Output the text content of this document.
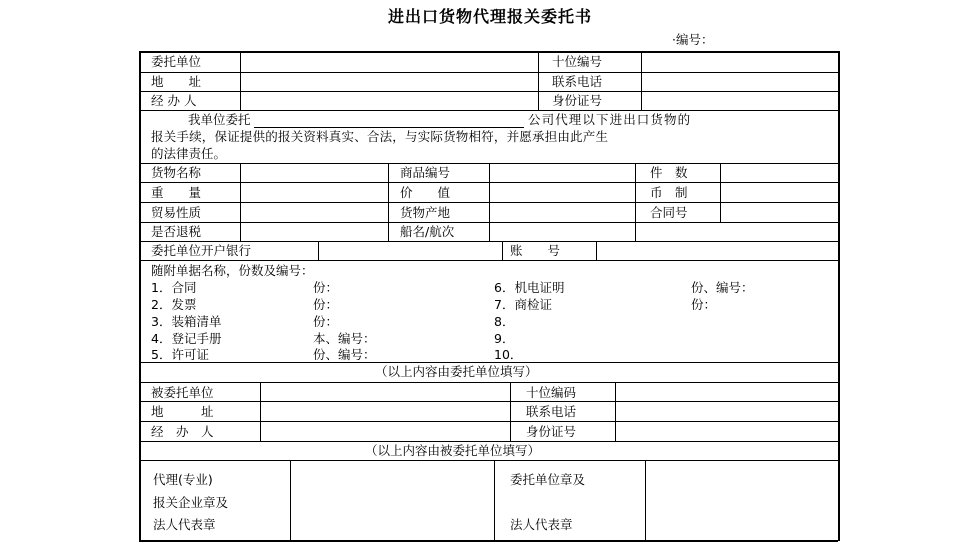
进出口货物代理报关委托书
·编号：
委托单位	十位编号
地　　址	联系电话
经 办 人	身份证号
我单位委托	公司代理以下进出口货物的
报关手续，保证提供的报关资料真实、合法，与实际货物相符，并愿承担由此产生
的法律责任。
货物名称	商品编号	件　数
重　　量	价　　值	币　制
贸易性质	货物产地	合同号
是否退税	船名/航次
委托单位开户银行	账　　号
随附单据名称，份数及编号：
1．合同	份：
2．发票	份：
3．装箱清单	份：
4．登记手册	本、编号：
5．许可证	份、编号：
6．机电证明	份、编号：
7．商检证	份：
8．
9．
10．
（以上内容由委托单位填写）
被委托单位	十位编码
地　　　址	联系电话
经　办　人	身份证号
（以上内容由被委托单位填写）
代理(专业)
报关企业章及
法人代表章
委托单位章及
法人代表章
